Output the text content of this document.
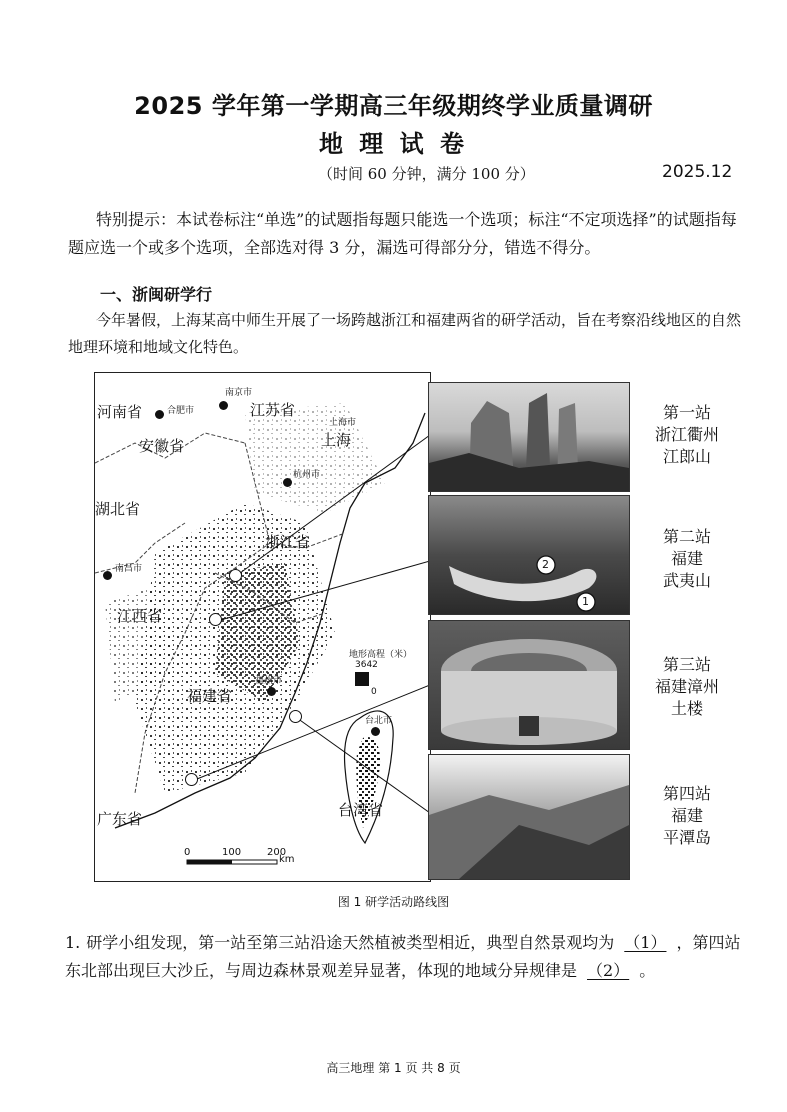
2025 学年第一学期高三年级期终学业质量调研
地 理 试 卷
（时间 60 分钟，满分 100 分）	2025.12
特别提示：本试卷标注“单选”的试题指每题只能选一个选项；标注“不定项选择”的试题指每题应选一个或多个选项，全部选对得 3 分，漏选可得部分分，错选不得分。
一、浙闽研学行
今年暑假，上海某高中师生开展了一场跨越浙江和福建两省的研学活动，旨在考察沿线地区的自然地理环境和地域文化特色。
河南省
安徽省
江苏省
上海
湖北省
浙江省
江西省
福建省
广东省	台湾省
南京市
合肥市
上海市
杭州市
南昌市
福州市
台北市
地形高程（米）
3642
0
0	100	200
km
2
1
第一站
浙江衢州
江郎山
第二站
福建
武夷山
第三站
福建漳州
土楼
第四站
福建
平潭岛
图 1 研学活动路线图
1. 研学小组发现，第一站至第三站沿途天然植被类型相近，典型自然景观均为 （1） ，第四站东北部出现巨大沙丘，与周边森林景观差异显著，体现的地域分异规律是 （2） 。
高三地理 第 1 页 共 8 页
